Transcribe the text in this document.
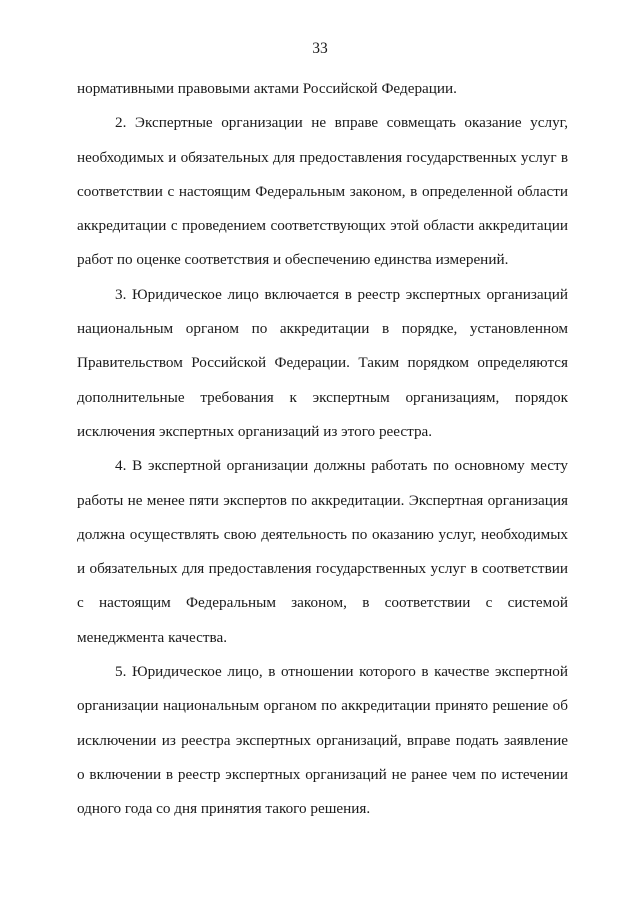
33

нормативными правовыми актами Российской Федерации.

2. Экспертные организации не вправе совмещать оказание услуг,
необходимых и обязательных для предоставления государственных услуг в
соответствии с настоящим Федеральным законом, в определенной области
аккредитации с проведением соответствующих этой области аккредитации
работ по оценке соответствия и обеспечению единства измерений.

3. Юридическое лицо включается в реестр экспертных организаций
национальным органом по аккредитации в порядке, установленном
Правительством Российской Федерации. Таким порядком определяются
дополнительные требования к экспертным организациям, порядок
исключения экспертных организаций из этого реестра.

4. В экспертной организации должны работать по основному месту
работы не менее пяти экспертов по аккредитации. Экспертная организация
должна осуществлять свою деятельность по оказанию услуг, необходимых
и обязательных для предоставления государственных услуг в соответствии
с настоящим Федеральным законом, в соответствии с системой
менеджмента качества.

5. Юридическое лицо, в отношении которого в качестве экспертной
организации национальным органом по аккредитации принято решение об
исключении из реестра экспертных организаций, вправе подать заявление
о включении в реестр экспертных организаций не ранее чем по истечении
одного года со дня принятия такого решения.
